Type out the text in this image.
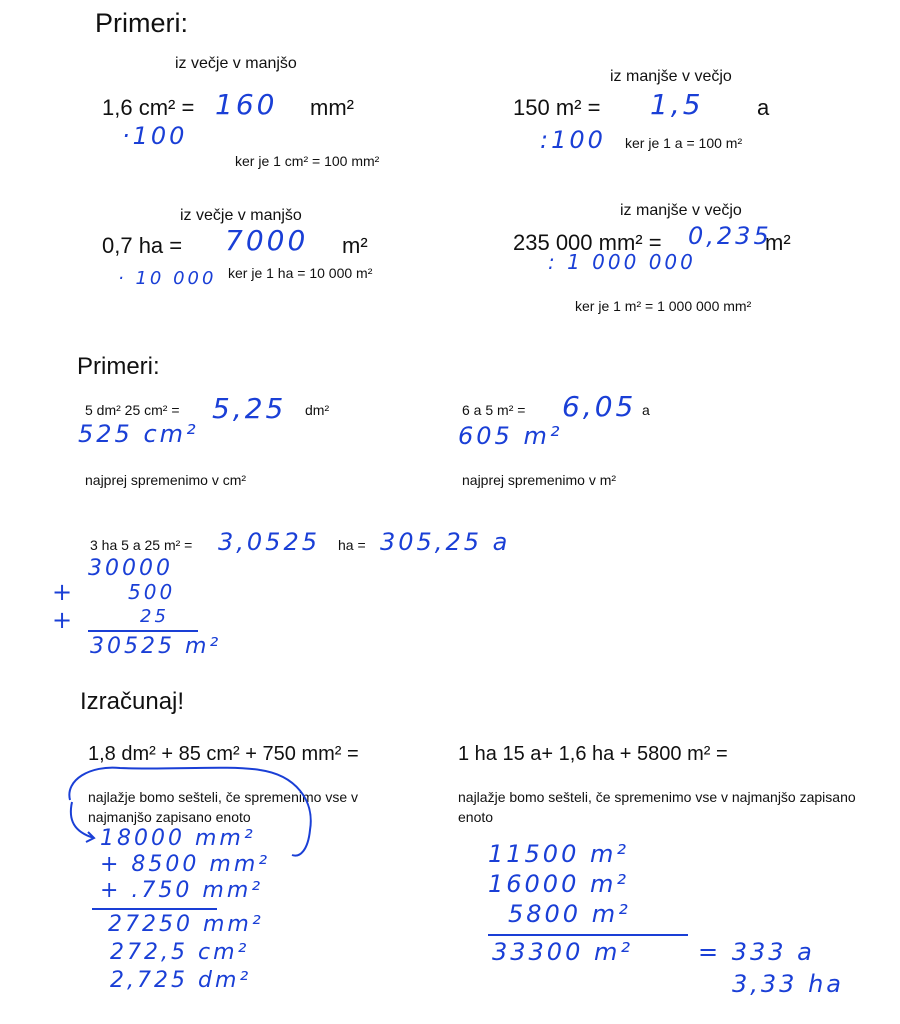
Primeri:
iz večje v manjšo
1,6 cm² = 160 mm²
·100
ker je 1 cm² = 100 mm²
iz manjše v večjo
150 m² = 1,5 a
:100 ker je 1 a = 100 m²
iz večje v manjšo
0,7 ha = 7000 m²
· 10 000 ker je 1 ha = 10 000 m²
iz manjše v večjo
235 000 mm² = 0,235
m²
: 1 000 000
ker je 1 m² = 1 000 000 mm²
Primeri:
5 dm² 25 cm² = 5,25 dm²
525 cm²
najprej spremenimo v cm²
6 a 5 m² = 6,05 a
605 m²
najprej spremenimo v m²
3 ha 5 a 25 m² = 3,0525 ha = 305,25 a
30000
+	500
+	25
30525 m²
Izračunaj!
1,8 dm² + 85 cm² + 750 mm² =
najlažje bomo sešteli, če spremenimo vse v najmanjšo zapisano enoto
18000 mm²
+ 8500 mm²
+ .750 mm²
27250 mm²
272,5 cm²
2,725 dm²
1 ha 15 a+ 1,6 ha + 5800 m² =
najlažje bomo sešteli, če spremenimo vse v najmanjšo zapisano enoto
11500 m²
16000 m²
5800 m²
33300 m²	= 333 a
3,33 ha
